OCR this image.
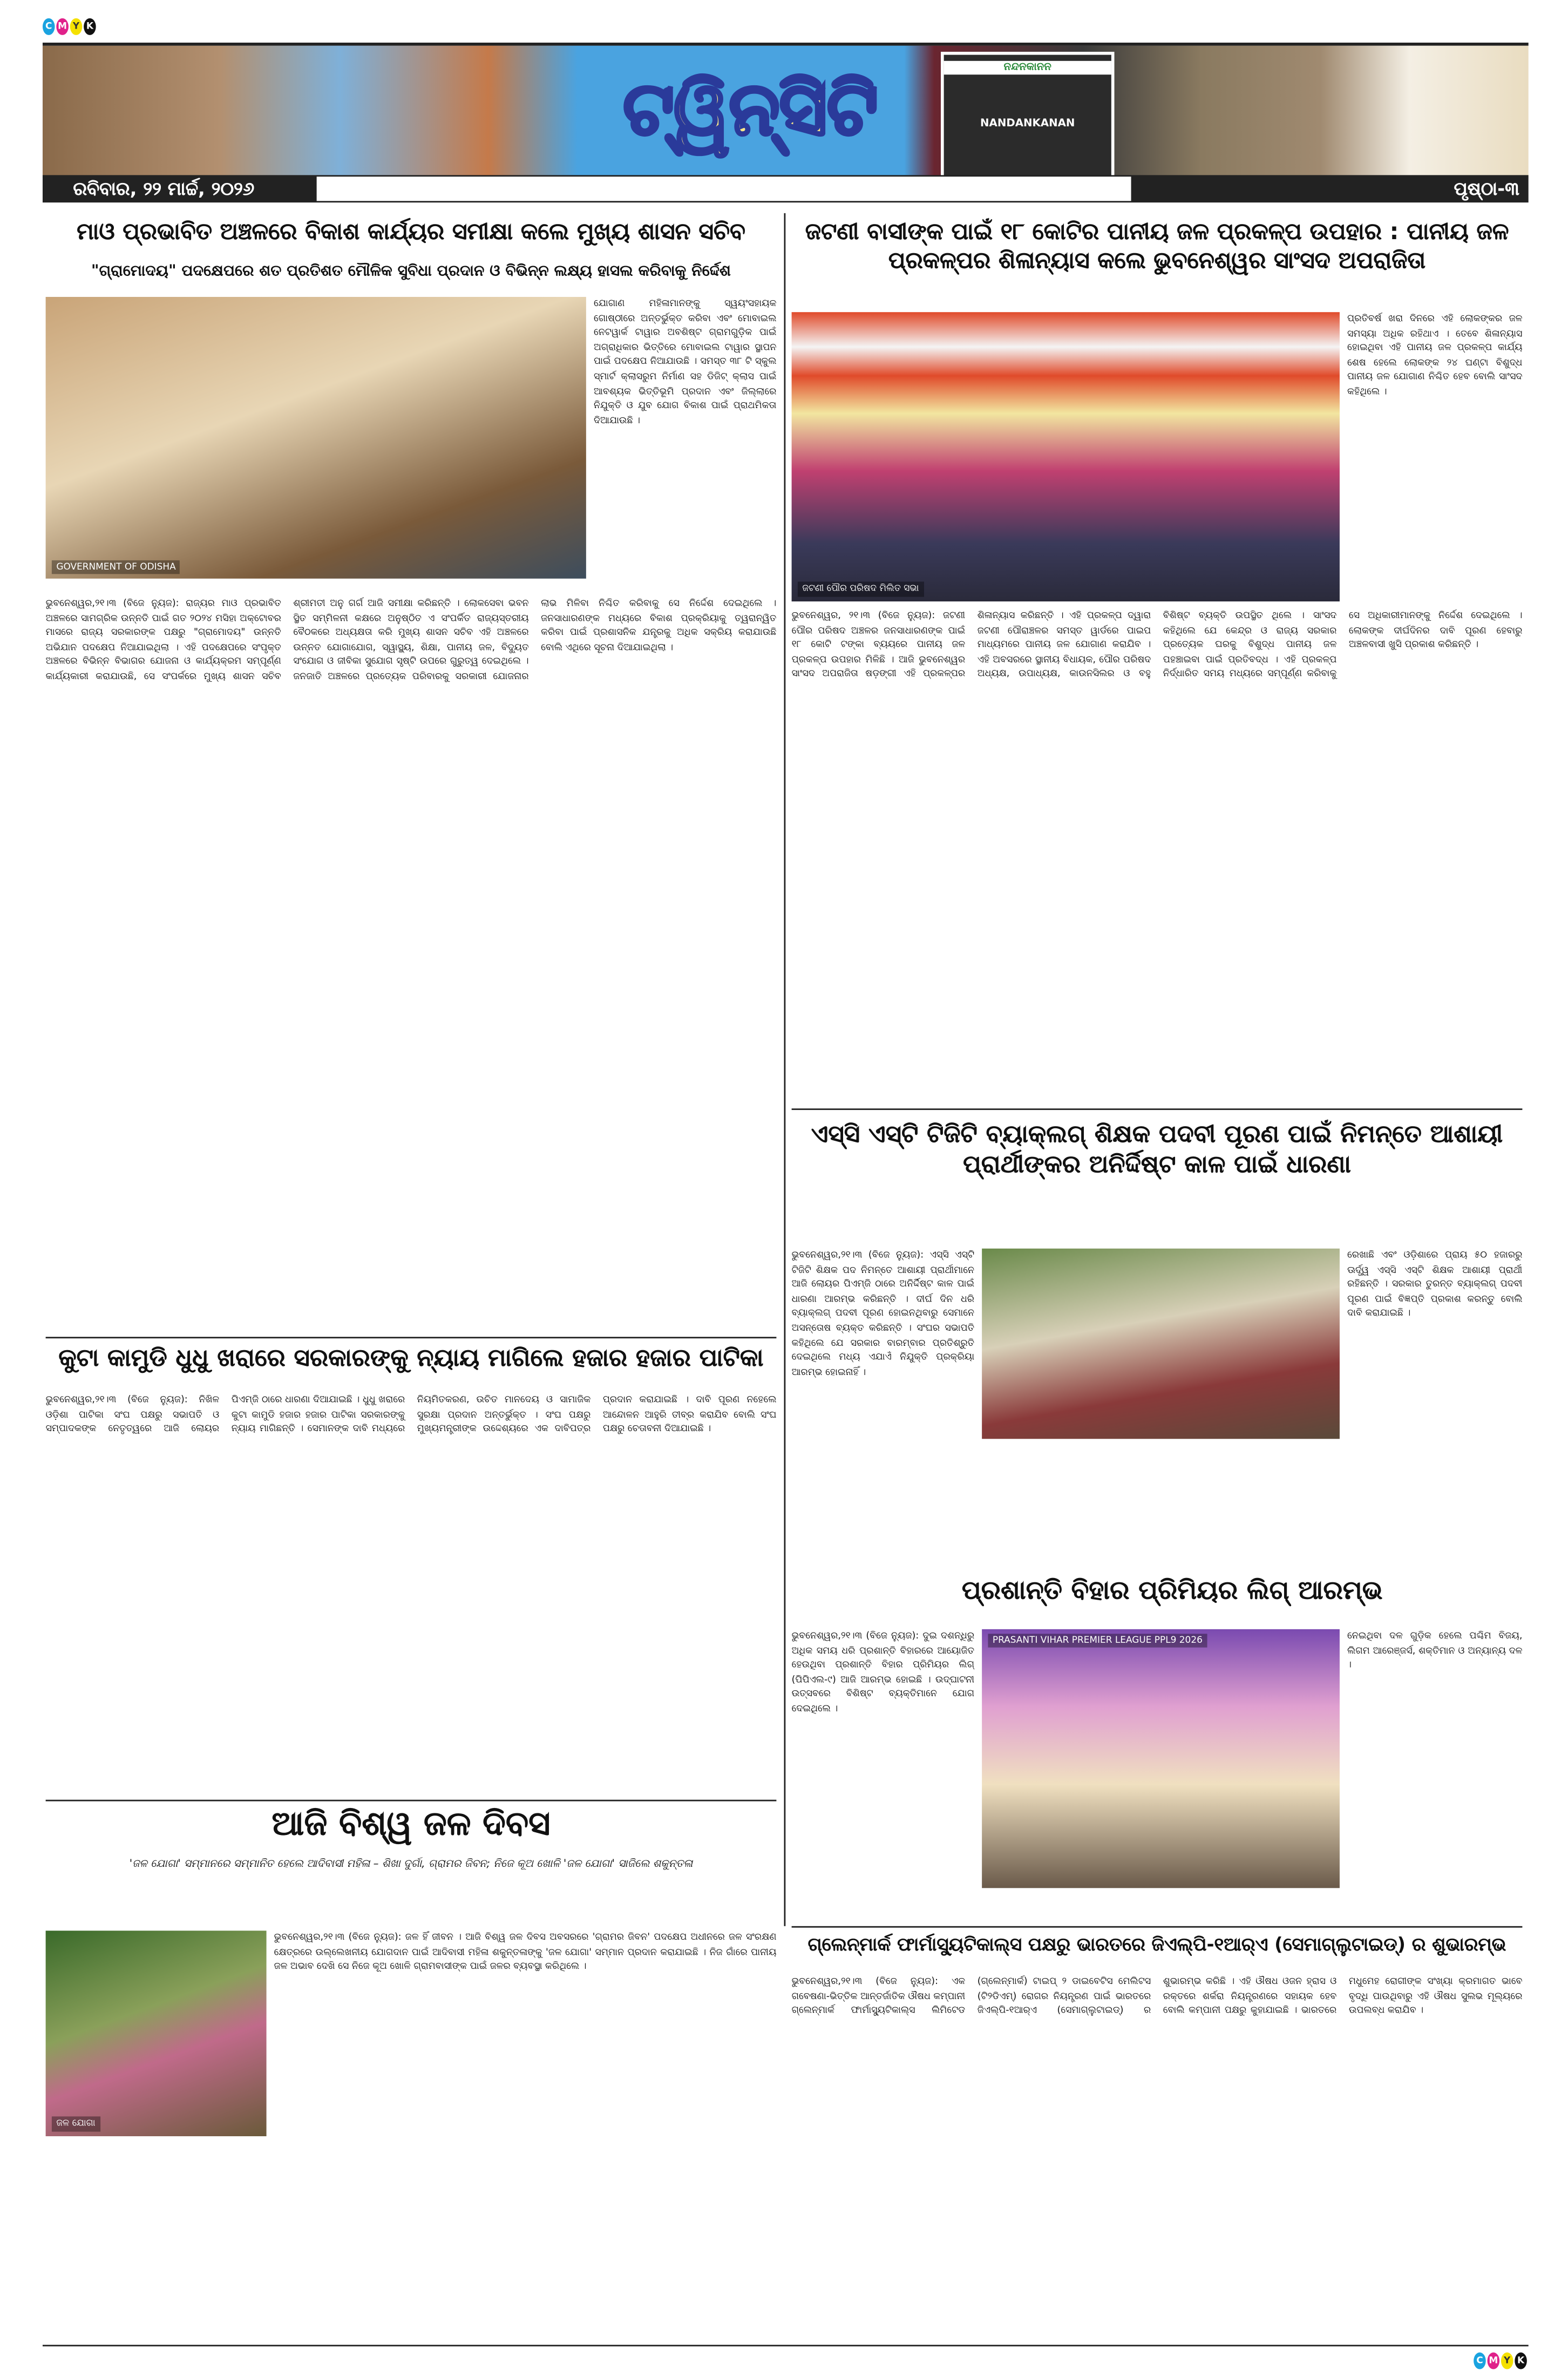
C	M	Y	K
ଟ୍ୱିନ୍‌ସିଟି
ନନ୍ଦନକାନନ
NANDANKANAN
ରବିବାର, ୨୨ ମାର୍ଚ୍ଚ, ୨୦୨୬	ପୃଷ୍ଠା-୩
ମାଓ ପ୍ରଭାବିତ ଅଞ୍ଚଳରେ ବିକାଶ କାର୍ଯ୍ୟର ସମୀକ୍ଷା କଲେ ମୁଖ୍ୟ ଶାସନ ସଚିବ
"ଗ୍ରାମୋଦୟ" ପଦକ୍ଷେପରେ ଶତ ପ୍ରତିଶତ ମୌଳିକ ସୁବିଧା ପ୍ରଦାନ ଓ ବିଭିନ୍ନ ଲକ୍ଷ୍ୟ ହାସଲ କରିବାକୁ ନିର୍ଦ୍ଦେଶ
GOVERNMENT OF ODISHA
ଯୋଗାଣ ମହିଳାମାନଙ୍କୁ ସ୍ୱୟଂସହାୟକ ଗୋଷ୍ଠୀରେ ଅନ୍ତର୍ଭୁକ୍ତ କରିବା ଏବଂ ମୋବାଇଲ ନେଟୱାର୍କ ଟାୱାର ଅବଶିଷ୍ଟ ଗ୍ରାମଗୁଡ଼ିକ ପାଇଁ ଅଗ୍ରାଧିକାର ଭିତ୍ତିରେ ମୋବାଇଲ ଟାୱାର ସ୍ଥାପନ ପାଇଁ ପଦକ୍ଷେପ ନିଆଯାଉଛି । ସମସ୍ତ ୩୮ ଟି ସ୍କୁଲ ସ୍ମାର୍ଟ କ୍ଲାସରୁମ ନିର୍ମାଣ ସହ ଡିଜିଟ୍ କ୍ଲାସ ପାଇଁ ଆବଶ୍ୟକ ଭିତ୍ତିଭୂମି ପ୍ରଦାନ ଏବଂ ଜିଲ୍ଲାରେ ନିଯୁକ୍ତି ଓ ଯୁବ ଯୋଗ ବିକାଶ ପାଇଁ ପ୍ରାଥମିକତା ଦିଆଯାଉଛି ।
ଭୁବନେଶ୍ୱର,୨୧।୩ (ବିଜେ ନ୍ୟୁଜ): ରାଜ୍ୟର ମାଓ ପ୍ରଭାବିତ ଅଞ୍ଚଳରେ ସାମଗ୍ରିକ ଉନ୍ନତି ପାଇଁ ଗତ ୨୦୨୪ ମସିହା ଅକ୍ଟୋବର ମାସରେ ରାଜ୍ୟ ସରକାରଙ୍କ ପକ୍ଷରୁ "ଗ୍ରାମୋଦୟ" ଉନ୍ନତି ଅଭିଯାନ ପଦକ୍ଷେପ ନିଆଯାଇଥିଲା । ଏହି ପଦକ୍ଷେପରେ ସଂପୃକ୍ତ ଅଞ୍ଚଳରେ ବିଭିନ୍ନ ବିଭାଗର ଯୋଜନା ଓ କାର୍ଯ୍ୟକ୍ରମ ସମ୍ପୂର୍ଣ୍ଣ କାର୍ଯ୍ୟକାରୀ କରାଯାଉଛି, ସେ ସଂପର୍କରେ ମୁଖ୍ୟ ଶାସନ ସଚିବ ଶ୍ରୀମତୀ ଅନୁ ଗର୍ଗ ଆଜି ସମୀକ୍ଷା କରିଛନ୍ତି । ଲୋକସେବା ଭବନ ସ୍ଥିତ ସମ୍ମିଳନୀ କକ୍ଷରେ ଅନୁଷ୍ଠିତ ଏ ସଂପର୍କିତ ରାଜ୍ୟସ୍ତରୀୟ ବୈଠକରେ ଅଧ୍ୟକ୍ଷତା କରି ମୁଖ୍ୟ ଶାସନ ସଚିବ ଏହି ଅଞ୍ଚଳରେ ଉନ୍ନତ ଯୋଗାଯୋଗ, ସ୍ୱାସ୍ଥ୍ୟ, ଶିକ୍ଷା, ପାନୀୟ ଜଳ, ବିଦ୍ୟୁତ ସଂଯୋଗ ଓ ଜୀବିକା ସୁଯୋଗ ସୃଷ୍ଟି ଉପରେ ଗୁରୁତ୍ୱ ଦେଇଥିଲେ । ଜନଜାତି ଅଞ୍ଚଳରେ ପ୍ରତ୍ୟେକ ପରିବାରକୁ ସରକାରୀ ଯୋଜନାର ଲାଭ ମିଳିବା ନିଶ୍ଚିତ କରିବାକୁ ସେ ନିର୍ଦ୍ଦେଶ ଦେଇଥିଲେ । ଜନସାଧାରଣଙ୍କ ମଧ୍ୟରେ ବିକାଶ ପ୍ରକ୍ରିୟାକୁ ତ୍ୱରାନ୍ୱିତ କରିବା ପାଇଁ ପ୍ରଶାସନିକ ଯନ୍ତ୍ରକୁ ଅଧିକ ସକ୍ରିୟ କରାଯାଉଛି ବୋଲି ଏଥିରେ ସୂଚନା ଦିଆଯାଇଥିଲା ।
ଜଟଣୀ ବାସୀଙ୍କ ପାଇଁ ୧୮ କୋଟିର ପାନୀୟ ଜଳ ପ୍ରକଳ୍ପ ଉପହାର : ପାନୀୟ ଜଳ ପ୍ରକଳ୍ପର ଶିଳାନ୍ୟାସ କଲେ ଭୁବନେଶ୍ୱର ସାଂସଦ ଅପରାଜିତା
ଜଟଣୀ ପୌର ପରିଷଦ ମିଲିତ ସଭା
ପ୍ରତିବର୍ଷ ଖରା ଦିନରେ ଏହି ଲୋକଙ୍କର ଜଳ ସମସ୍ୟା ଅଧିକ ରହିଥାଏ । ତେବେ ଶିଳାନ୍ୟାସ ହୋଇଥିବା ଏହି ପାନୀୟ ଜଳ ପ୍ରକଳ୍ପ କାର୍ଯ୍ୟ ଶେଷ ହେଲେ ଲୋକଙ୍କ ୨୪ ଘଣ୍ଟା ବିଶୁଦ୍ଧ ପାନୀୟ ଜଳ ଯୋଗାଣ ନିଶ୍ଚିତ ହେବ ବୋଲି ସାଂସଦ କହିଥିଲେ ।
ଭୁବନେଶ୍ୱର, ୨୧।୩ (ବିଜେ ନ୍ୟୁଜ): ଜଟଣୀ ପୌର ପରିଷଦ ଅଞ୍ଚଳର ଜନସାଧାରଣଙ୍କ ପାଇଁ ୧୮ କୋଟି ଟଙ୍କା ବ୍ୟୟରେ ପାନୀୟ ଜଳ ପ୍ରକଳ୍ପ ଉପହାର ମିଳିଛି । ଆଜି ଭୁବନେଶ୍ୱର ସାଂସଦ ଅପରାଜିତା ଷଡ଼ଙ୍ଗୀ ଏହି ପ୍ରକଳ୍ପର ଶିଳାନ୍ୟାସ କରିଛନ୍ତି । ଏହି ପ୍ରକଳ୍ପ ଦ୍ୱାରା ଜଟଣୀ ପୌରାଞ୍ଚଳର ସମସ୍ତ ୱାର୍ଡରେ ପାଇପ ମାଧ୍ୟମରେ ପାନୀୟ ଜଳ ଯୋଗାଣ କରାଯିବ । ଏହି ଅବସରରେ ସ୍ଥାନୀୟ ବିଧାୟକ, ପୌର ପରିଷଦ ଅଧ୍ୟକ୍ଷ, ଉପାଧ୍ୟକ୍ଷ, କାଉନସିଲର ଓ ବହୁ ବିଶିଷ୍ଟ ବ୍ୟକ୍ତି ଉପସ୍ଥିତ ଥିଲେ । ସାଂସଦ କହିଥିଲେ ଯେ କେନ୍ଦ୍ର ଓ ରାଜ୍ୟ ସରକାର ପ୍ରତ୍ୟେକ ଘରକୁ ବିଶୁଦ୍ଧ ପାନୀୟ ଜଳ ପହଞ୍ଚାଇବା ପାଇଁ ପ୍ରତିବଦ୍ଧ । ଏହି ପ୍ରକଳ୍ପ ନିର୍ଦ୍ଧାରିତ ସମୟ ମଧ୍ୟରେ ସମ୍ପୂର୍ଣ୍ଣ କରିବାକୁ ସେ ଅଧିକାରୀମାନଙ୍କୁ ନିର୍ଦ୍ଦେଶ ଦେଇଥିଲେ । ଲୋକଙ୍କ ଦୀର୍ଘଦିନର ଦାବି ପୂରଣ ହେବାରୁ ଅଞ୍ଚଳବାସୀ ଖୁସି ପ୍ରକାଶ କରିଛନ୍ତି ।
ଏସ୍‌ସି ଏସ୍‌ଟି ଟିଜିଟି ବ୍ୟାକ୍‌ଲଗ୍ ଶିକ୍ଷକ ପଦବୀ ପୂରଣ ପାଇଁ ନିମନ୍ତେ ଆଶାୟୀ ପ୍ରାର୍ଥୀଙ୍କର ଅନିର୍ଦ୍ଦିଷ୍ଟ କାଳ ପାଇଁ ଧାରଣା
ଭୁବନେଶ୍ୱର,୨୧।୩ (ବିଜେ ନ୍ୟୁଜ): ଏସ୍‌ସି ଏସ୍‌ଟି ଟିଜିଟି ଶିକ୍ଷକ ପଦ ନିମନ୍ତେ ଆଶାୟୀ ପ୍ରାର୍ଥୀମାନେ ଆଜି ଲୋୟର ପିଏମ୍‌ଜି ଠାରେ ଅନିର୍ଦ୍ଦିଷ୍ଟ କାଳ ପାଇଁ ଧାରଣା ଆରମ୍ଭ କରିଛନ୍ତି । ଦୀର୍ଘ ଦିନ ଧରି ବ୍ୟାକ୍‌ଲଗ୍ ପଦବୀ ପୂରଣ ହୋଇନଥିବାରୁ ସେମାନେ ଅସନ୍ତୋଷ ବ୍ୟକ୍ତ କରିଛନ୍ତି । ସଂଘର ସଭାପତି କହିଥିଲେ ଯେ ସରକାର ବାରମ୍ବାର ପ୍ରତିଶ୍ରୁତି ଦେଇଥିଲେ ମଧ୍ୟ ଏଯାଏଁ ନିଯୁକ୍ତି ପ୍ରକ୍ରିୟା ଆରମ୍ଭ ହୋଇନାହିଁ ।
ରେଖାଛି ଏବଂ ଓଡ଼ିଶାରେ ପ୍ରାୟ ୫୦ ହଜାରରୁ ଊର୍ଦ୍ଧ୍ୱ ଏସ୍‌ସି ଏସ୍‌ଟି ଶିକ୍ଷକ ଆଶାୟୀ ପ୍ରାର୍ଥୀ ରହିଛନ୍ତି । ସରକାର ତୁରନ୍ତ ବ୍ୟାକ୍‌ଲଗ୍ ପଦବୀ ପୂରଣ ପାଇଁ ବିଜ୍ଞପ୍ତି ପ୍ରକାଶ କରନ୍ତୁ ବୋଲି ଦାବି କରାଯାଇଛି ।
କୁଟା କାମୁଡି ଧୁଧୁ ଖରାରେ ସରକାରଙ୍କୁ ନ୍ୟାୟ ମାଗିଲେ ହଜାର ହଜାର ପାଟିକା
ଭୁବନେଶ୍ୱର,୨୧।୩ (ବିଜେ ନ୍ୟୁଜ): ନିଖିଳ ଓଡ଼ିଶା ପାଟିକା ସଂଘ ପକ୍ଷରୁ ସଭାପତି ଓ ସମ୍ପାଦକଙ୍କ ନେତୃତ୍ୱରେ ଆଜି ଲୋୟର ପିଏମ୍‌ଜି ଠାରେ ଧାରଣା ଦିଆଯାଇଛି । ଧୁଧୁ ଖରାରେ କୁଟା କାମୁଡି ହଜାର ହଜାର ପାଟିକା ସରକାରଙ୍କୁ ନ୍ୟାୟ ମାଗିଛନ୍ତି । ସେମାନଙ୍କ ଦାବି ମଧ୍ୟରେ ନିୟମିତକରଣ, ଉଚିତ ମାନଦେୟ ଓ ସାମାଜିକ ସୁରକ୍ଷା ପ୍ରଦାନ ଅନ୍ତର୍ଭୁକ୍ତ । ସଂଘ ପକ୍ଷରୁ ମୁଖ୍ୟମନ୍ତ୍ରୀଙ୍କ ଉଦ୍ଦେଶ୍ୟରେ ଏକ ଦାବିପତ୍ର ପ୍ରଦାନ କରାଯାଇଛି । ଦାବି ପୂରଣ ନହେଲେ ଆନ୍ଦୋଳନ ଆହୁରି ତୀବ୍ର କରାଯିବ ବୋଲି ସଂଘ ପକ୍ଷରୁ ଚେତାବନୀ ଦିଆଯାଇଛି ।
ପ୍ରଶାନ୍ତି ବିହାର ପ୍ରିମିୟର ଲିଗ୍ ଆରମ୍ଭ
ଭୁବନେଶ୍ୱର,୨୧।୩ (ବିଜେ ନ୍ୟୁଜ): ଦୁଇ ଦଶନ୍ଧିରୁ ଅଧିକ ସମୟ ଧରି ପ୍ରଶାନ୍ତି ବିହାରରେ ଆୟୋଜିତ ହେଉଥିବା ପ୍ରଶାନ୍ତି ବିହାର ପ୍ରିମିୟର ଲିଗ୍ (ପିପିଏଲ-୯) ଆଜି ଆରମ୍ଭ ହୋଇଛି । ଉଦ୍‌ଘାଟନୀ ଉତ୍ସବରେ ବିଶିଷ୍ଟ ବ୍ୟକ୍ତିମାନେ ଯୋଗ ଦେଇଥିଲେ ।
PRASANTI VIHAR PREMIER LEAGUE PPL9 2026	ନେଇଥିବା ଦଳ ଗୁଡ଼ିକ ହେଲେ ପଶ୍ଚିମ ବିଜୟ, ଲିଗମ ଆରେଞ୍ଜର୍ସ, ଶକ୍ତିମାନ ଓ ଅନ୍ୟାନ୍ୟ ଦଳ ।
ଆଜି ବିଶ୍ୱ ଜଳ ଦିବସ
'ଜଳ ଯୋଗା' ସମ୍ମାନରେ ସମ୍ମାନିତ ହେଲେ ଆଦିବାସୀ ମହିଳା – ଶିଖା ଦୁର୍ଗା, ଗ୍ରାମର ଜିବନ; ନିଜେ କୂଅ ଖୋଳି 'ଜଳ ଯୋଗା' ସାଜିଲେ ଶକୁନ୍ତଳା
ଜଳ ଯୋଗା
ଭୁବନେଶ୍ୱର,୨୧।୩ (ବିଜେ ନ୍ୟୁଜ): ଜଳ ହିଁ ଜୀବନ । ଆଜି ବିଶ୍ୱ ଜଳ ଦିବସ ଅବସରରେ 'ଗ୍ରାମର ଜିବନ' ପଦକ୍ଷେପ ଅଧୀନରେ ଜଳ ସଂରକ୍ଷଣ କ୍ଷେତ୍ରରେ ଉଲ୍ଲେଖନୀୟ ଯୋଗଦାନ ପାଇଁ ଆଦିବାସୀ ମହିଳା ଶକୁନ୍ତଳାଙ୍କୁ 'ଜଳ ଯୋଗା' ସମ୍ମାନ ପ୍ରଦାନ କରାଯାଇଛି । ନିଜ ଗାଁରେ ପାନୀୟ ଜଳ ଅଭାବ ଦେଖି ସେ ନିଜେ କୂଅ ଖୋଳି ଗ୍ରାମବାସୀଙ୍କ ପାଇଁ ଜଳର ବ୍ୟବସ୍ଥା କରିଥିଲେ ।
ଗ୍ଲେନ୍‌ମାର୍କ ଫାର୍ମାସ୍ୟୁଟିକାଲ୍ସ ପକ୍ଷରୁ ଭାରତରେ ଜିଏଲ୍‌ପି-୧ଆର୍‌ଏ (ସେମାଗ୍ଲୁଟାଇଡ୍) ର ଶୁଭାରମ୍ଭ
ଭୁବନେଶ୍ୱର,୨୧।୩ (ବିଜେ ନ୍ୟୁଜ): ଏକ ଗବେଷଣା-ଭିତ୍ତିକ ଆନ୍ତର୍ଜାତିକ ଔଷଧ କମ୍ପାନୀ ଗ୍ଲେନ୍‌ମାର୍କ ଫାର୍ମାସ୍ୟୁଟିକାଲ୍ସ ଲିମିଟେଡ (ଗ୍ଲେନ୍‌ମାର୍କ) ଟାଇପ୍ ୨ ଡାଇବେଟିସ ମେଲିଟସ (ଟି୨ଡିଏମ୍) ରୋଗର ନିୟନ୍ତ୍ରଣ ପାଇଁ ଭାରତରେ ଜିଏଲ୍‌ପି-୧ଆର୍‌ଏ (ସେମାଗ୍ଲୁଟାଇଡ୍) ର ଶୁଭାରମ୍ଭ କରିଛି । ଏହି ଔଷଧ ଓଜନ ହ୍ରାସ ଓ ରକ୍ତରେ ଶର୍କରା ନିୟନ୍ତ୍ରଣରେ ସହାୟକ ହେବ ବୋଲି କମ୍ପାନୀ ପକ୍ଷରୁ କୁହାଯାଇଛି । ଭାରତରେ ମଧୁମେହ ରୋଗୀଙ୍କ ସଂଖ୍ୟା କ୍ରମାଗତ ଭାବେ ବୃଦ୍ଧି ପାଉଥିବାରୁ ଏହି ଔଷଧ ସୁଲଭ ମୂଲ୍ୟରେ ଉପଲବ୍ଧ କରାଯିବ ।
C	M	Y	K
